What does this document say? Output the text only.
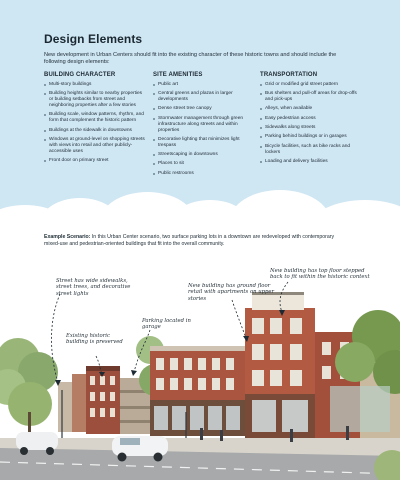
Design Elements

New development in Urban Centers should fit into the existing character of these historic towns and should include the following design elements:

BUILDING CHARACTER
Multi-story buildings
Building heights similar to nearby properties or building setbacks from street and neighboring properties after a few stories
Building scale, window patterns, rhythm, and form that complement the historic pattern
Buildings at the sidewalk in downtowns
Windows at ground-level on shopping streets with views into retail and other publicly-accessible uses
Front door on primary street
SITE AMENITIES
Public art
Central greens and plazas in larger developments
Dense street tree canopy
Stormwater management through green infrastructure along streets and within properties
Decorative lighting that minimizes light trespass
Streetscaping in downtowns
Places to sit
Public restrooms
TRANSPORTATION
Grid or modified grid street pattern
Bus shelters and pull-off areas for drop-offs and pick-ups
Alleys, when available
Easy pedestrian access
Sidewalks along streets
Parking behind buildings or in garages
Bicycle facilities, such as bike racks and lockers
Loading and delivery facilities
Example Scenario: In this Urban Center scenario, two surface parking lots in a downtown are redeveloped with contemporary mixed-use and pedestrian-oriented buildings that fit into the overall community.
New building has top floor stepped back to fit within the historic context
New building has ground floor retail with apartments on upper stories
Street has wide sidewalks, street trees, and decorative street lights
Parking located in garage
Existing historic building is preserved
